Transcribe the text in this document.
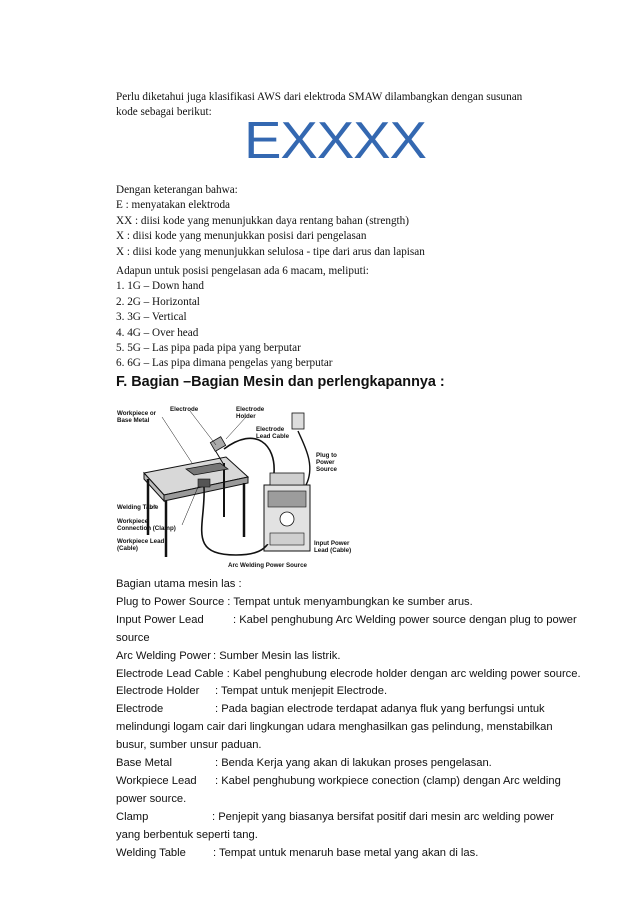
Perlu diketahui juga klasifikasi AWS dari elektroda SMAW dilambangkan dengan susunan
kode sebagai berikut: EXXXX
Dengan keterangan bahwa:
E : menyatakan elektroda
XX : diisi kode yang menunjukkan daya rentang bahan (strength)
X : diisi kode yang menunjukkan posisi dari pengelasan
X : diisi kode yang menunjukkan selulosa - tipe dari arus dan lapisan
Adapun untuk posisi pengelasan ada 6 macam, meliputi:
1. 1G – Down hand
2. 2G – Horizontal
3. 3G – Vertical
4. 4G – Over head
5. 5G – Las pipa pada pipa yang berputar
6. 6G – Las pipa dimana pengelas yang berputar
F. Bagian –Bagian Mesin dan perlengkapannya :
Workpiece or
Base Metal
Electrode	Electrode
Holder
Electrode
Lead Cable
Plug to
Power
Source
Welding Table
Workpiece
Connection (Clamp)
Workpiece Lead
(Cable)
Input Power
Lead (Cable)
Arc Welding Power Source
Bagian utama mesin las :
Plug to Power Source : Tempat untuk menyambungkan ke sumber arus.
Input Power Lead	: Kabel penghubung Arc Welding power source dengan plug to power
source
Arc Welding Power : Sumber Mesin las listrik.
Electrode Lead Cable : Kabel penghubung elecrode holder dengan arc welding power source.
Electrode Holder : Tempat untuk menjepit Electrode.
Electrode	: Pada bagian electrode terdapat adanya fluk yang berfungsi untuk
melindungi logam cair dari lingkungan udara menghasilkan gas pelindung, menstabilkan
busur, sumber unsur paduan.
Base Metal	: Benda Kerja yang akan di lakukan proses pengelasan.
Workpiece Lead : Kabel penghubung workpiece conection (clamp) dengan Arc welding
power source.
Clamp	: Penjepit yang biasanya bersifat positif dari mesin arc welding power
yang berbentuk seperti tang.
Welding Table : Tempat untuk menaruh base metal yang akan di las.
